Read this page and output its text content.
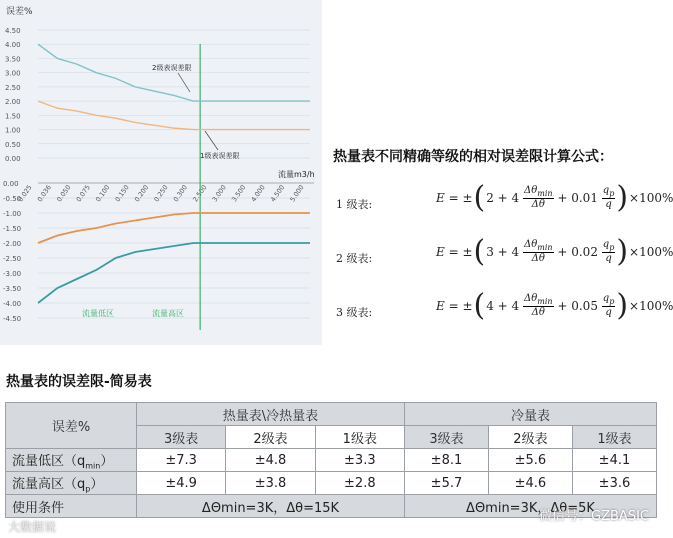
误差%
4.50
4.00
3.50
3.00
2.50
2.00
1.50
1.00
0.50
0.00
0.00
-0.50
-1.00
-1.50
-2.00
-2.50
-3.00
-3.50
-4.00
-4.50
0.025 0.036 0.050 0.075 0.100 0.150 0.200 0.250 0.300 2.500 3.000 3.500 4.000 4.500 5.000
流量m3/h
2级表误差限
1级表误差限
流量低区	流量高区
热量表不同精确等级的相对误差限计算公式：
1 级表:	E = ± ( 2 + 4 $\Delta\theta_{min}$
Δθ + 0.01
$q_p$
q ) ×100%
2 级表:	E = ± ( 3 + 4 $\Delta\theta_{min}$
Δθ + 0.02
$q_p$
q ) ×100%
3 级表:	E = ± ( 4 + 4 $\Delta\theta_{min}$
Δθ + 0.05
$q_p$
q ) ×100%
热量表的误差限-简易表
误差%	热量表\冷热量表			冷量表		
	3级表	2级表	1级表	3级表	2级表	1级表
流量低区$(q_{min})$	±7.3	±4.8	±3.3	±8.1	±5.6	±4.1
流量高区$(q_p)$	±4.9	±3.8	±2.8	±5.7	±4.6	±3.6
使用条件	ΔΘmin=3K，Δθ=15K			ΔΘmin=3K，Δθ=5K		
微信号：GZBASIC
大数据说
